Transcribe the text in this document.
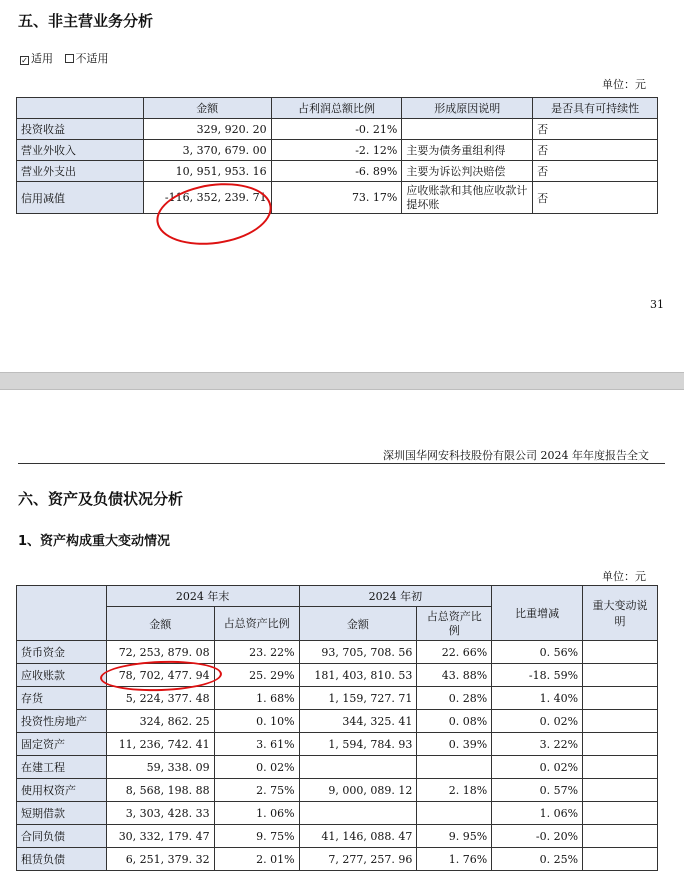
五、非主营业务分析
✓ 适用 不适用
单位：元
	金额	占利润总额比例	形成原因说明	是否具有可持续性
投资收益	329, 920. 20	-0. 21%		否
营业外收入	3, 370, 679. 00	-2. 12%	主要为债务重组利得	否
营业外支出	10, 951, 953. 16	-6. 89%	主要为诉讼判决赔偿	否
信用减值	-116, 352, 239. 71	73. 17%	应收账款和其他应收款计提坏账	否
31
深圳国华网安科技股份有限公司 2024 年年度报告全文
六、资产及负债状况分析
1、资产构成重大变动情况
单位：元
	2024 年末		2024 年初		比重增减	重大变动说明
	金额	占总资产比例	金额	占总资产比例		
货币资金	72, 253, 879. 08	23. 22%	93, 705, 708. 56	22. 66%	0. 56%	
应收账款	78, 702, 477. 94	25. 29%	181, 403, 810. 53	43. 88%	-18. 59%	
存货	5, 224, 377. 48	1. 68%	1, 159, 727. 71	0. 28%	1. 40%	
投资性房地产	324, 862. 25	0. 10%	344, 325. 41	0. 08%	0. 02%	
固定资产	11, 236, 742. 41	3. 61%	1, 594, 784. 93	0. 39%	3. 22%	
在建工程	59, 338. 09	0. 02%			0. 02%	
使用权资产	8, 568, 198. 88	2. 75%	9, 000, 089. 12	2. 18%	0. 57%	
短期借款	3, 303, 428. 33	1. 06%			1. 06%	
合同负债	30, 332, 179. 47	9. 75%	41, 146, 088. 47	9. 95%	-0. 20%	
租赁负债	6, 251, 379. 32	2. 01%	7, 277, 257. 96	1. 76%	0. 25%	
